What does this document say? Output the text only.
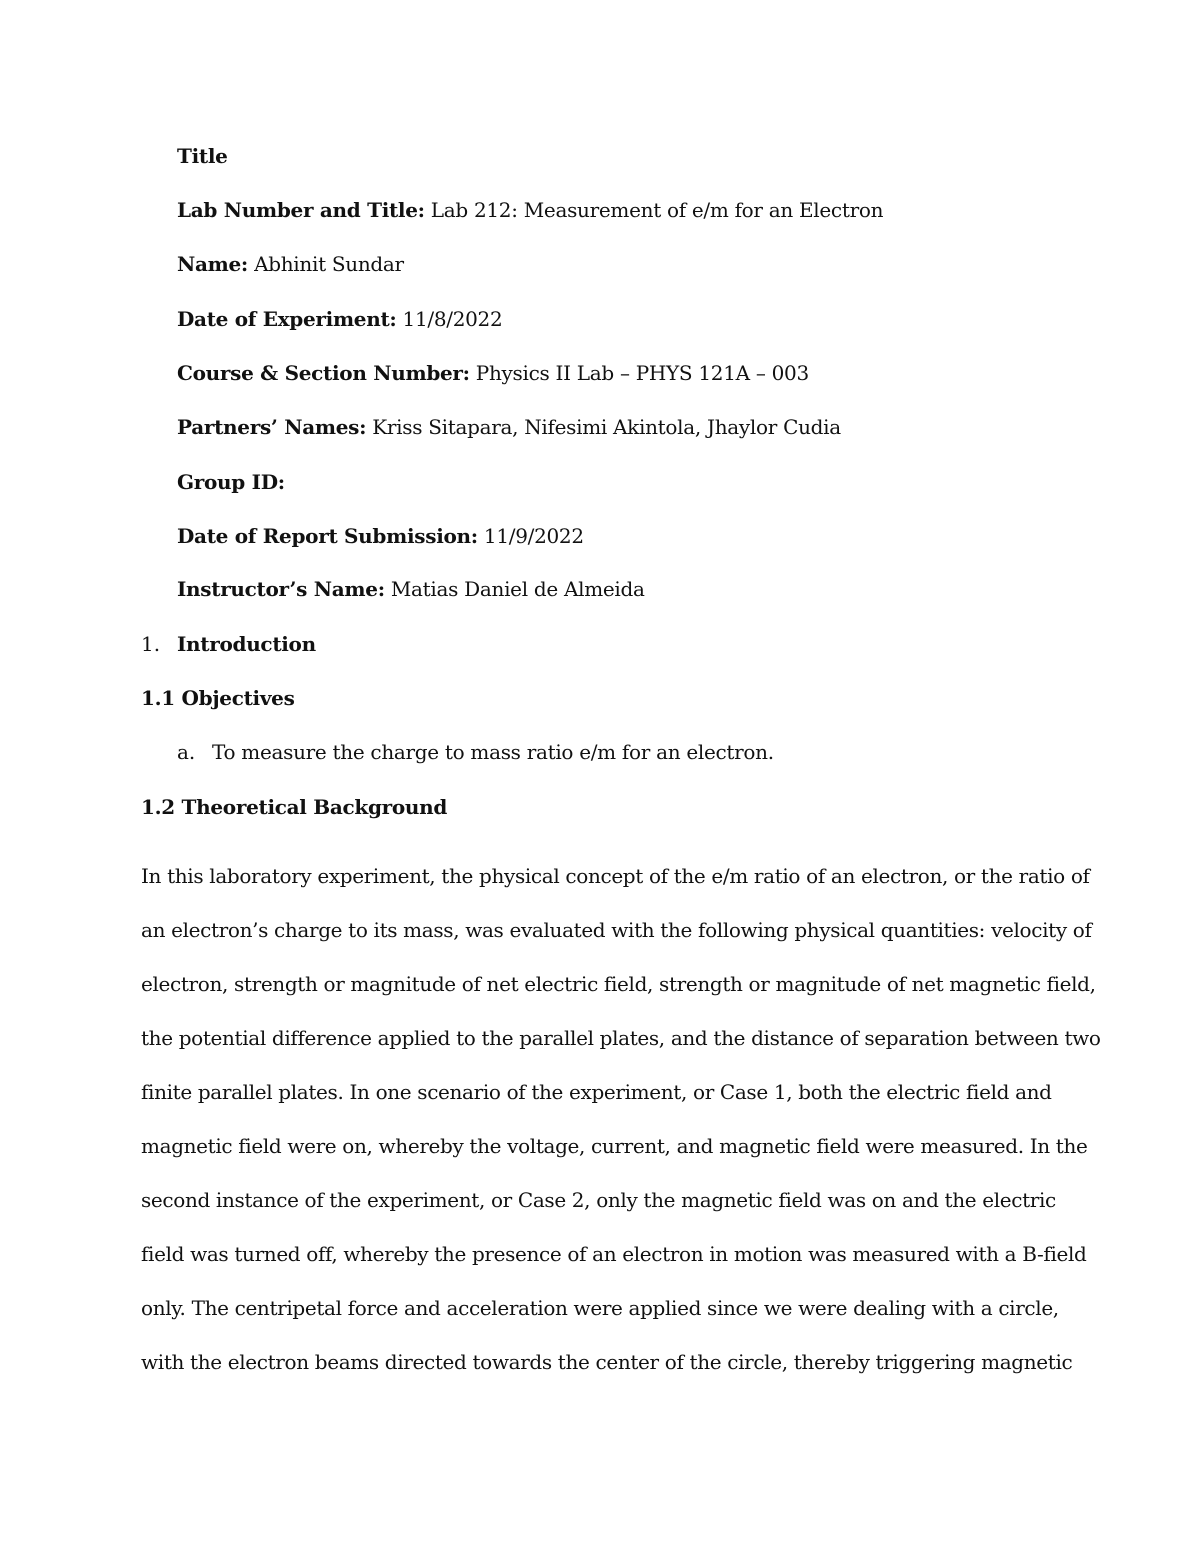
Title
Lab Number and Title: Lab 212: Measurement of e/m for an Electron
Name: Abhinit Sundar
Date of Experiment: 11/8/2022
Course & Section Number: Physics II Lab – PHYS 121A – 003
Partners’ Names: Kriss Sitapara, Nifesimi Akintola, Jhaylor Cudia
Group ID:
Date of Report Submission: 11/9/2022
Instructor’s Name: Matias Daniel de Almeida
1. Introduction
1.1 Objectives
a. To measure the charge to mass ratio e/m for an electron.
1.2 Theoretical Background
In this laboratory experiment, the physical concept of the e/m ratio of an electron, or the ratio of
an electron’s charge to its mass, was evaluated with the following physical quantities: velocity of
electron, strength or magnitude of net electric field, strength or magnitude of net magnetic field,
the potential difference applied to the parallel plates, and the distance of separation between two
finite parallel plates. In one scenario of the experiment, or Case 1, both the electric field and
magnetic field were on, whereby the voltage, current, and magnetic field were measured. In the
second instance of the experiment, or Case 2, only the magnetic field was on and the electric
field was turned off, whereby the presence of an electron in motion was measured with a B-field
only. The centripetal force and acceleration were applied since we were dealing with a circle,
with the electron beams directed towards the center of the circle, thereby triggering magnetic
